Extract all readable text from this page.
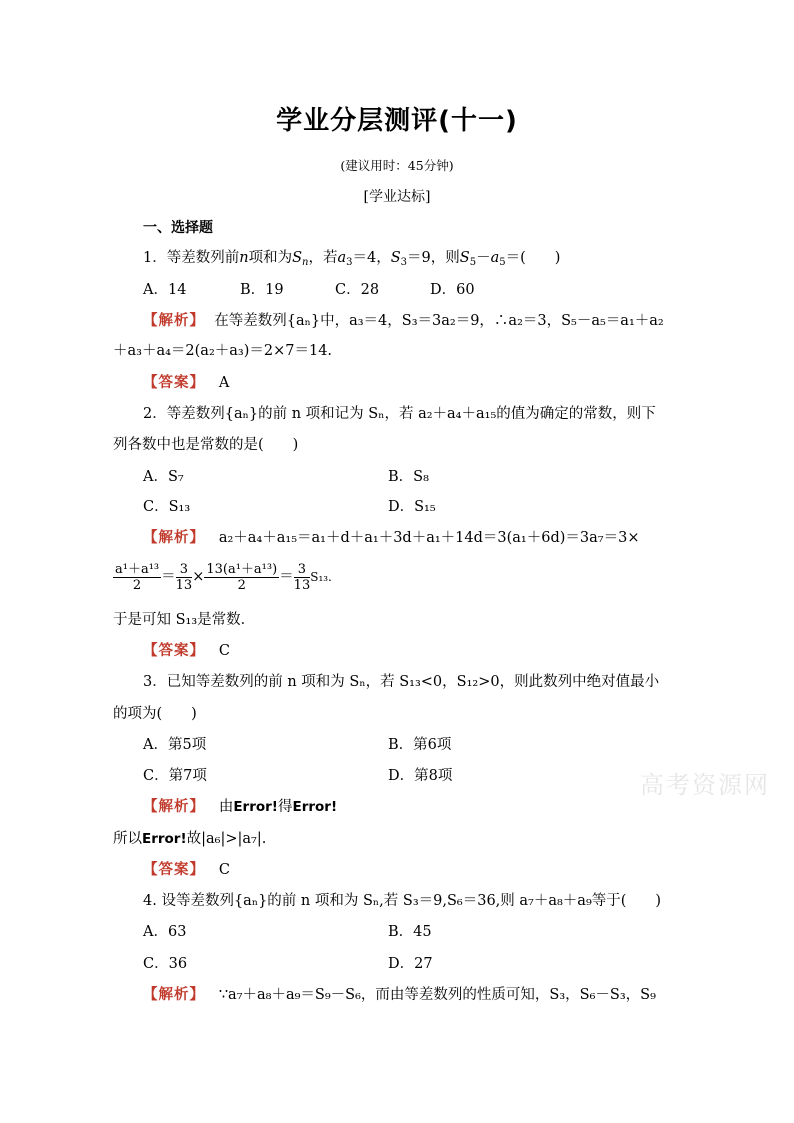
学业分层测评(十一)
(建议用时：45分钟)
[学业达标]
一、选择题
1．等差数列前n项和为$S_n$，若$a_3=4$，$S_3=9$，则$S_5-a_5=$(　　)
A．14	B．19	C．28	D．60
【解析】 在等差数列{aₙ}中，a₃＝4，S₃＝3a₂＝9，∴a₂＝3，S₅－a₅＝a₁＋a₂
＋a₃＋a₄＝2(a₂＋a₃)＝2×7＝14.
【答案】 A
2．等差数列{aₙ}的前 n 项和记为 Sₙ，若 a₂＋a₄＋a₁₅的值为确定的常数，则下
列各数中也是常数的是(　　)
A．S₇	B．S₈
C．S₁₃	D．S₁₅
【解析】 a₂＋a₄＋a₁₅＝a₁＋d＋a₁＋3d＋a₁＋14d＝3(a₁＋6d)＝3a₇＝3×
$\frac{\text{a¹＋a¹³}}{2} = \frac{3}{13} \times \frac{\text{13(a¹＋a¹³)}}{2} = \frac{3}{13} S_{13}$.
于是可知 S₁₃是常数．
【答案】 C
3．已知等差数列的前 n 项和为 Sₙ，若 S₁₃<0，S₁₂>0，则此数列中绝对值最小
的项为(　　)
A．第5项	B．第6项
C．第7项	D．第8项
【解析】 由Error!得Error!
所以Error!故|a₆|>|a₇|.
【答案】 C
4. 设等差数列{aₙ}的前 n 项和为 Sₙ,若 S₃＝9,S₆＝36,则 a₇＋a₈＋a₉等于(　　)
A．63	B．45
C．36	D．27
【解析】 ∵a₇＋a₈＋a₉＝S₉－S₆，而由等差数列的性质可知，S₃，S₆－S₃，S₉
高考资源网
